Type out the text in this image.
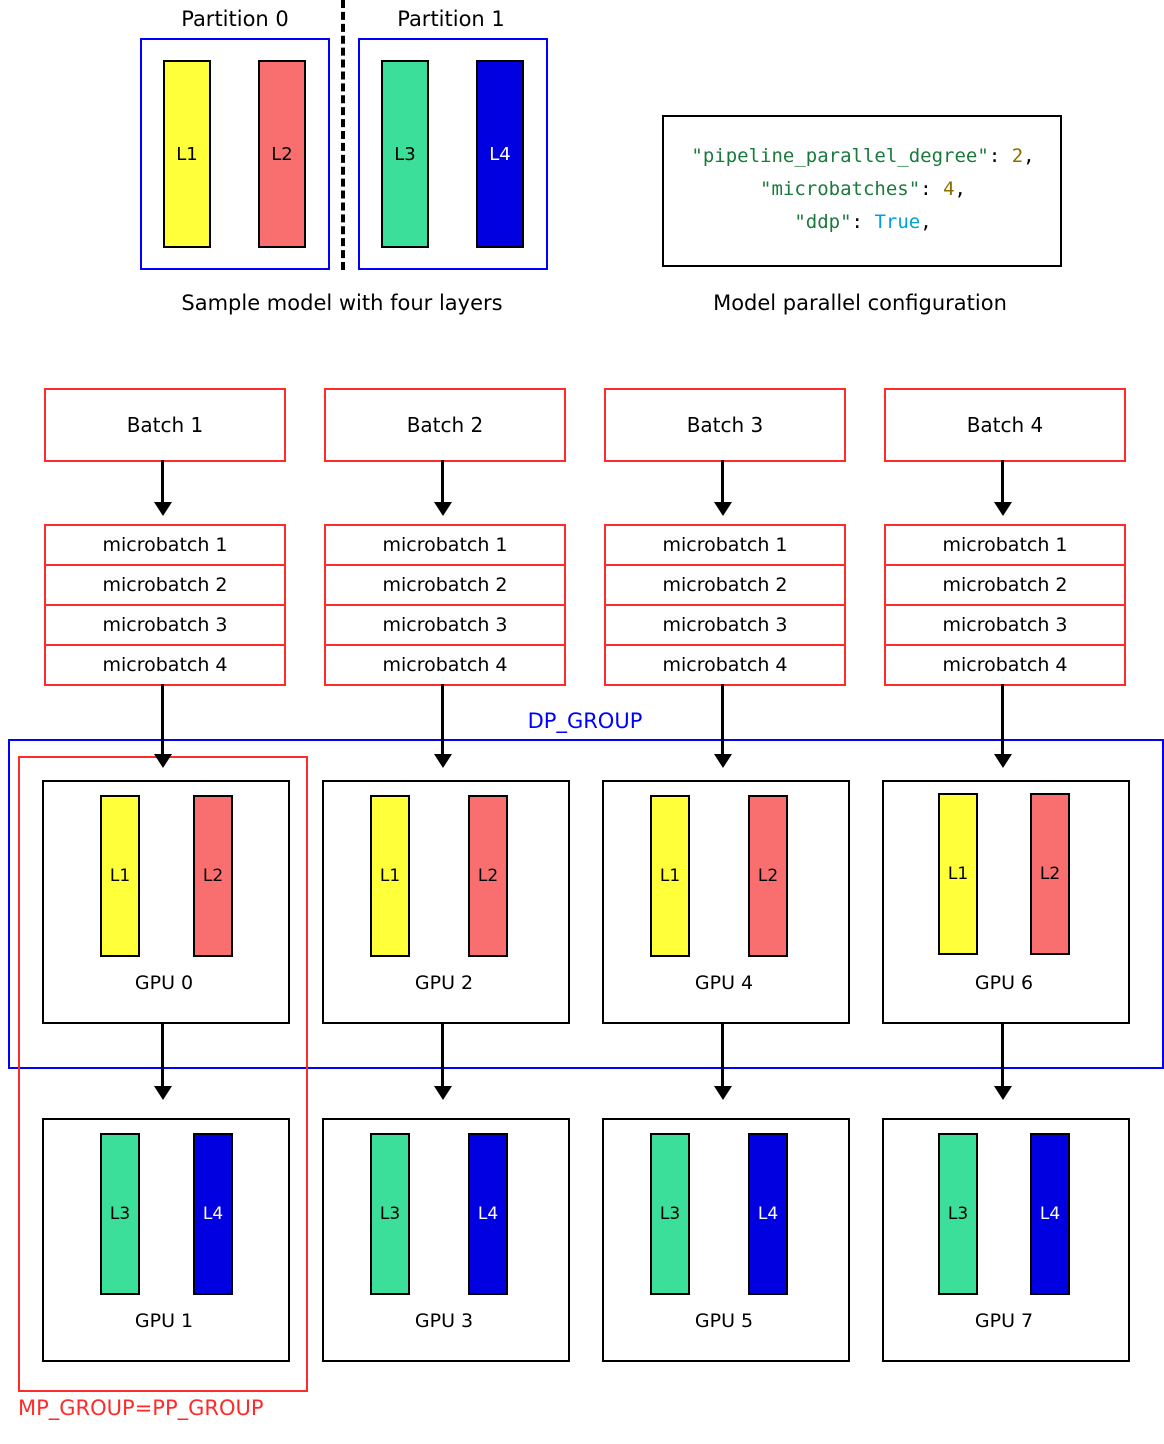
Partition 0
L1	L2
Partition 1
L3	L4
Sample model with four layers
"pipeline_parallel_degree": 2,
"microbatches": 4,
"ddp": True,
Model parallel configuration
DP_GROUP
MP_GROUP=PP_GROUP
Batch 1
microbatch 1
microbatch 2
microbatch 3
microbatch 4
L1	L2
GPU 0
L3	L4
GPU 1
Batch 2
microbatch 1
microbatch 2
microbatch 3
microbatch 4
L1	L2
GPU 2
L3	L4
GPU 3
Batch 3
microbatch 1
microbatch 2
microbatch 3
microbatch 4
L1	L2
GPU 4
L3	L4
GPU 5
Batch 4
microbatch 1
microbatch 2
microbatch 3
microbatch 4
L1	L2
GPU 6
L3	L4
GPU 7
